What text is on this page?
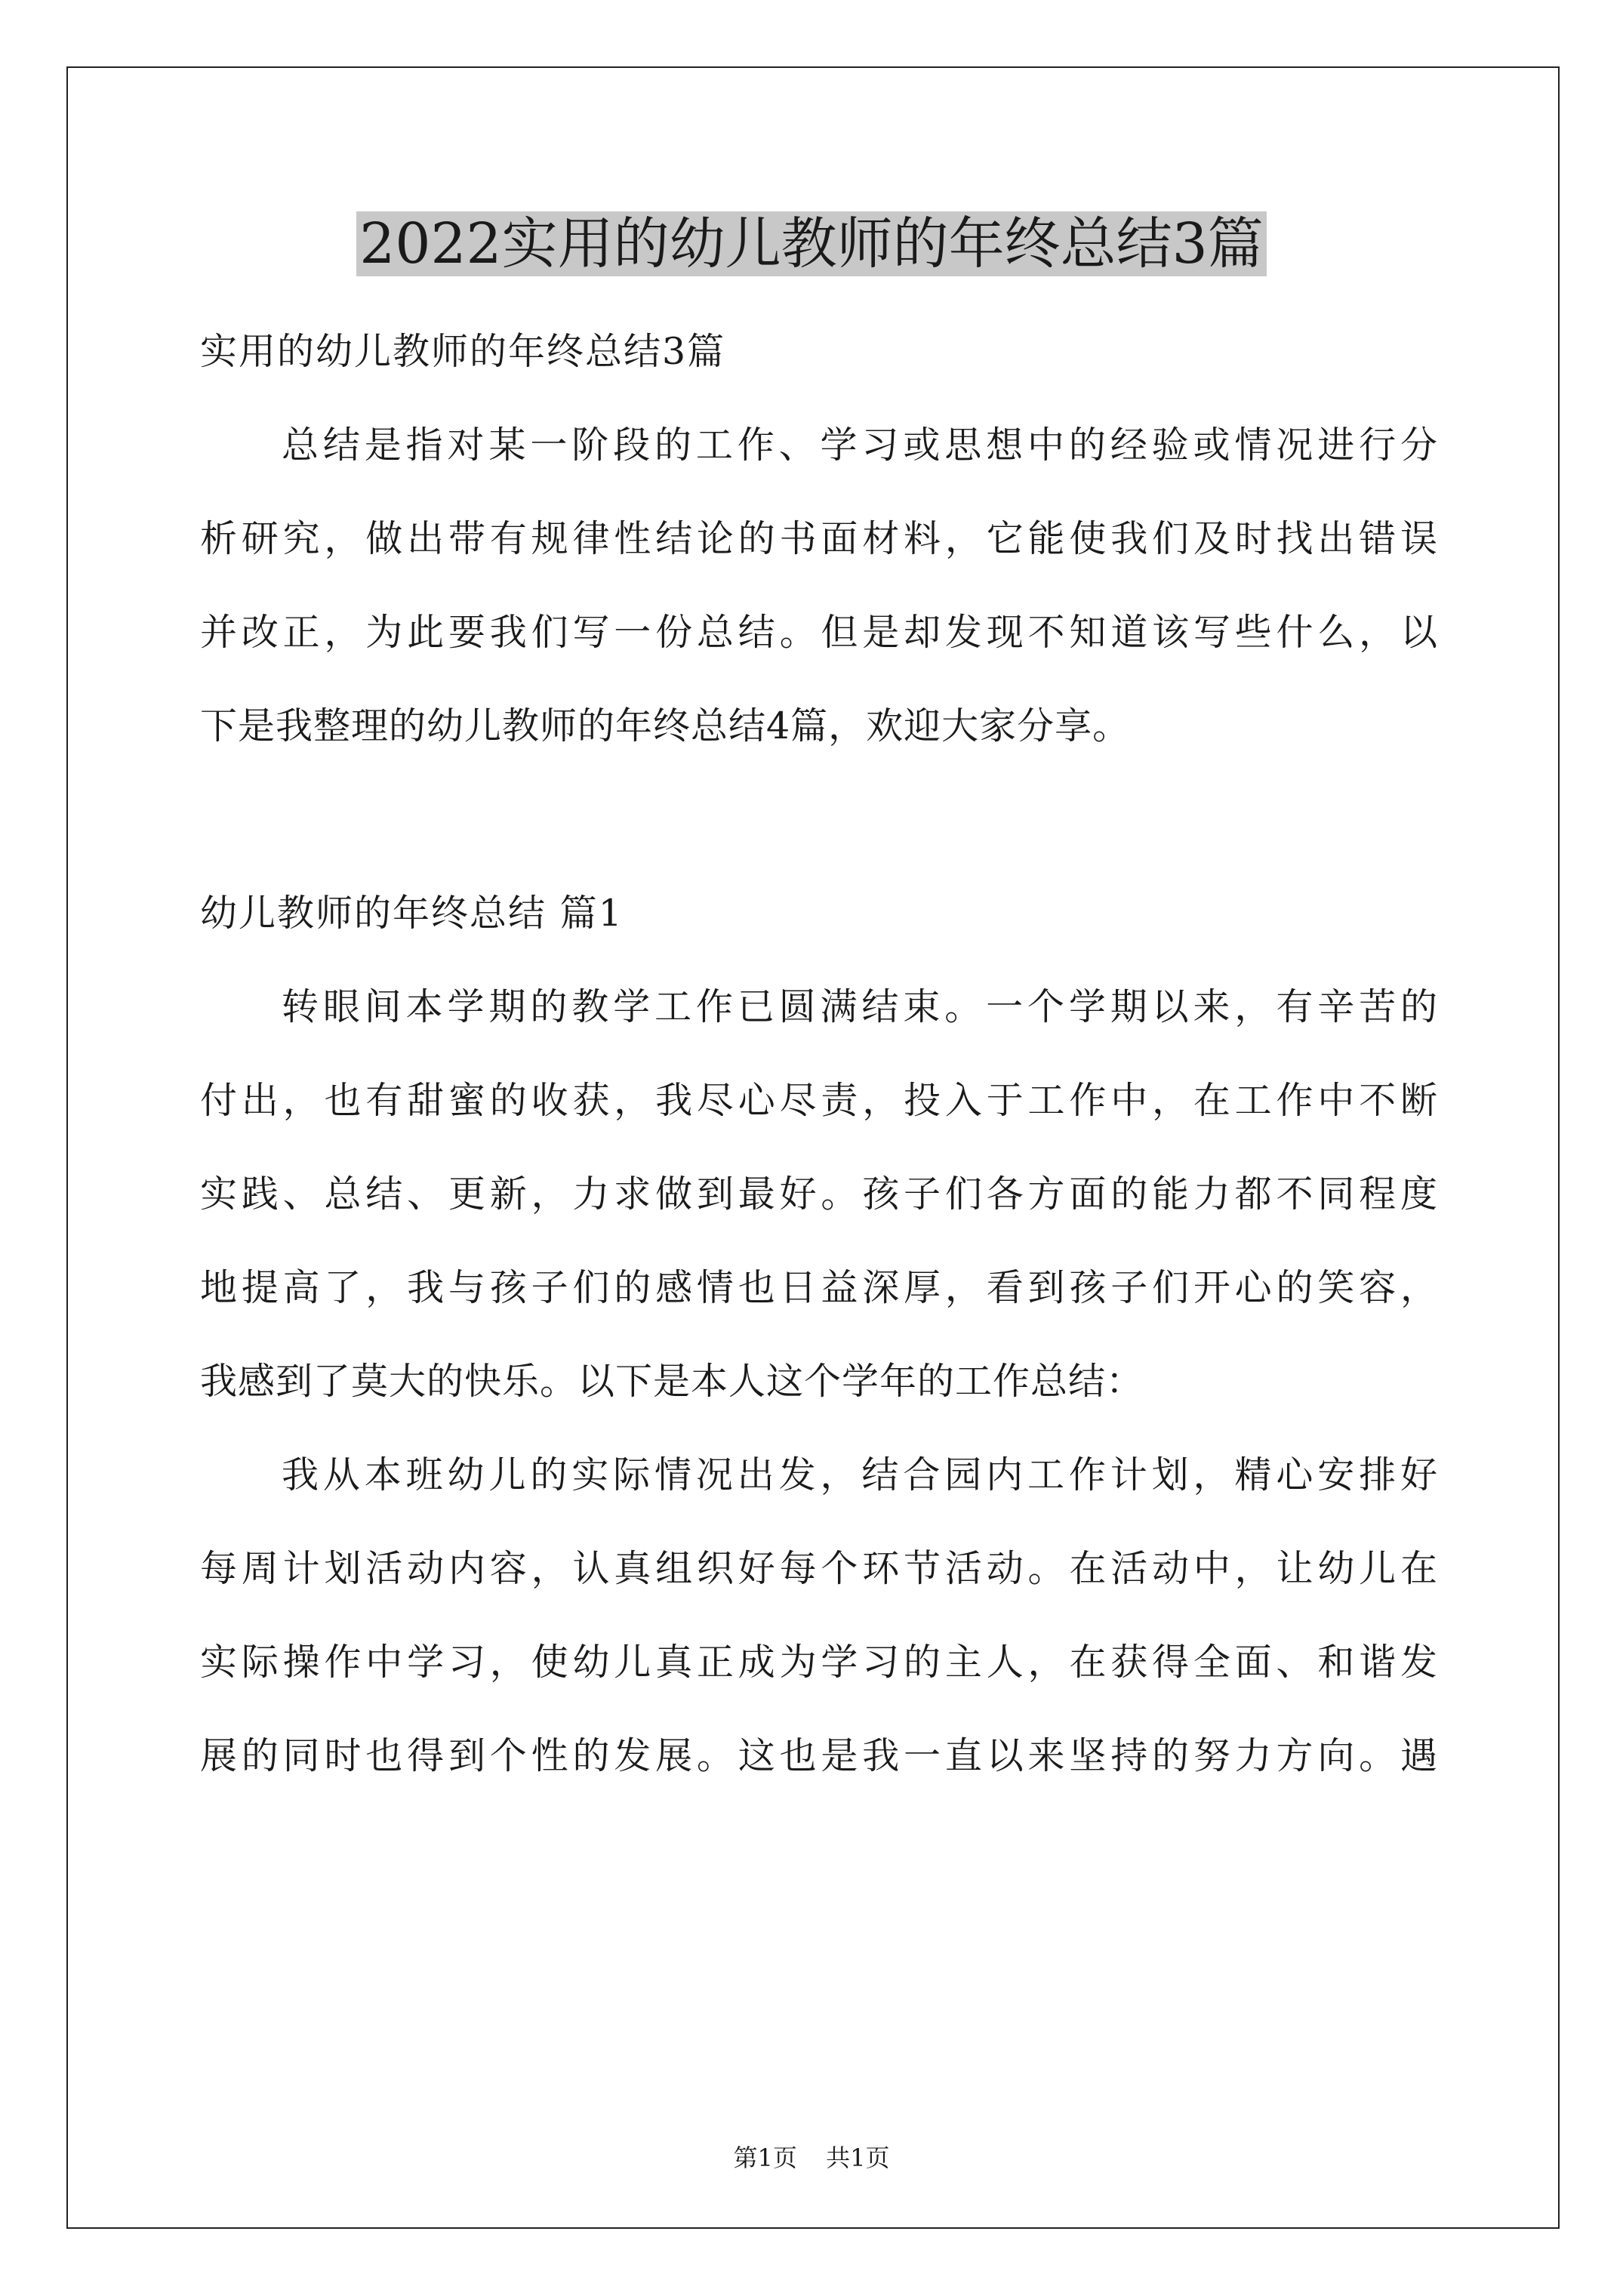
2022实用的幼儿教师的年终总结3篇
实用的幼儿教师的年终总结3篇
总结是指对某一阶段的工作、学习或思想中的经验或情况进行分
析研究，做出带有规律性结论的书面材料，它能使我们及时找出错误
并改正，为此要我们写一份总结。但是却发现不知道该写些什么，以
下是我整理的幼儿教师的年终总结4篇，欢迎大家分享。
幼儿教师的年终总结 篇1
转眼间本学期的教学工作已圆满结束。一个学期以来，有辛苦的
付出，也有甜蜜的收获，我尽心尽责，投入于工作中，在工作中不断
实践、总结、更新，力求做到最好。孩子们各方面的能力都不同程度
地提高了，我与孩子们的感情也日益深厚，看到孩子们开心的笑容，
我感到了莫大的快乐。以下是本人这个学年的工作总结：
我从本班幼儿的实际情况出发，结合园内工作计划，精心安排好
每周计划活动内容，认真组织好每个环节活动。在活动中，让幼儿在
实际操作中学习，使幼儿真正成为学习的主人，在获得全面、和谐发
展的同时也得到个性的发展。这也是我一直以来坚持的努力方向。遇
第1页 共1页
